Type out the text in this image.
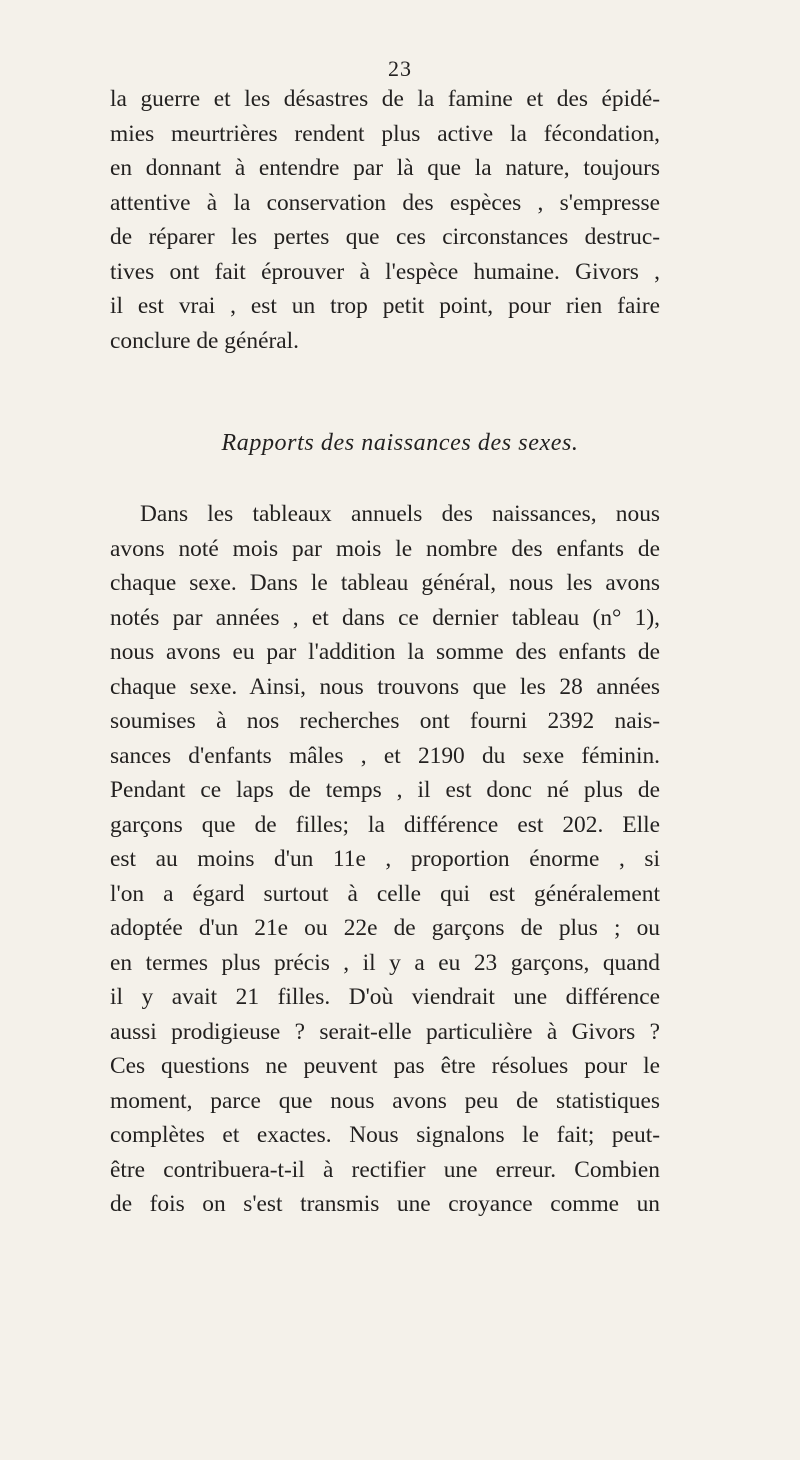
23
la guerre et les désastres de la famine et des épidé-
mies meurtrières rendent plus active la fécondation,
en donnant à entendre par là que la nature, toujours
attentive à la conservation des espèces , s'empresse
de réparer les pertes que ces circonstances destruc-
tives ont fait éprouver à l'espèce humaine. Givors ,
il est vrai , est un trop petit point, pour rien faire
conclure de général.
Rapports des naissances des sexes.
Dans les tableaux annuels des naissances, nous
avons noté mois par mois le nombre des enfants de
chaque sexe. Dans le tableau général, nous les avons
notés par années , et dans ce dernier tableau (n° 1),
nous avons eu par l'addition la somme des enfants de
chaque sexe. Ainsi, nous trouvons que les 28 années
soumises à nos recherches ont fourni 2392 nais-
sances d'enfants mâles , et 2190 du sexe féminin.
Pendant ce laps de temps , il est donc né plus de
garçons que de filles; la différence est 202. Elle
est au moins d'un 11e , proportion énorme , si
l'on a égard surtout à celle qui est généralement
adoptée d'un 21e ou 22e de garçons de plus ; ou
en termes plus précis , il y a eu 23 garçons, quand
il y avait 21 filles. D'où viendrait une différence
aussi prodigieuse ? serait-elle particulière à Givors ?
Ces questions ne peuvent pas être résolues pour le
moment, parce que nous avons peu de statistiques
complètes et exactes. Nous signalons le fait; peut-
être contribuera-t-il à rectifier une erreur. Combien
de fois on s'est transmis une croyance comme un
